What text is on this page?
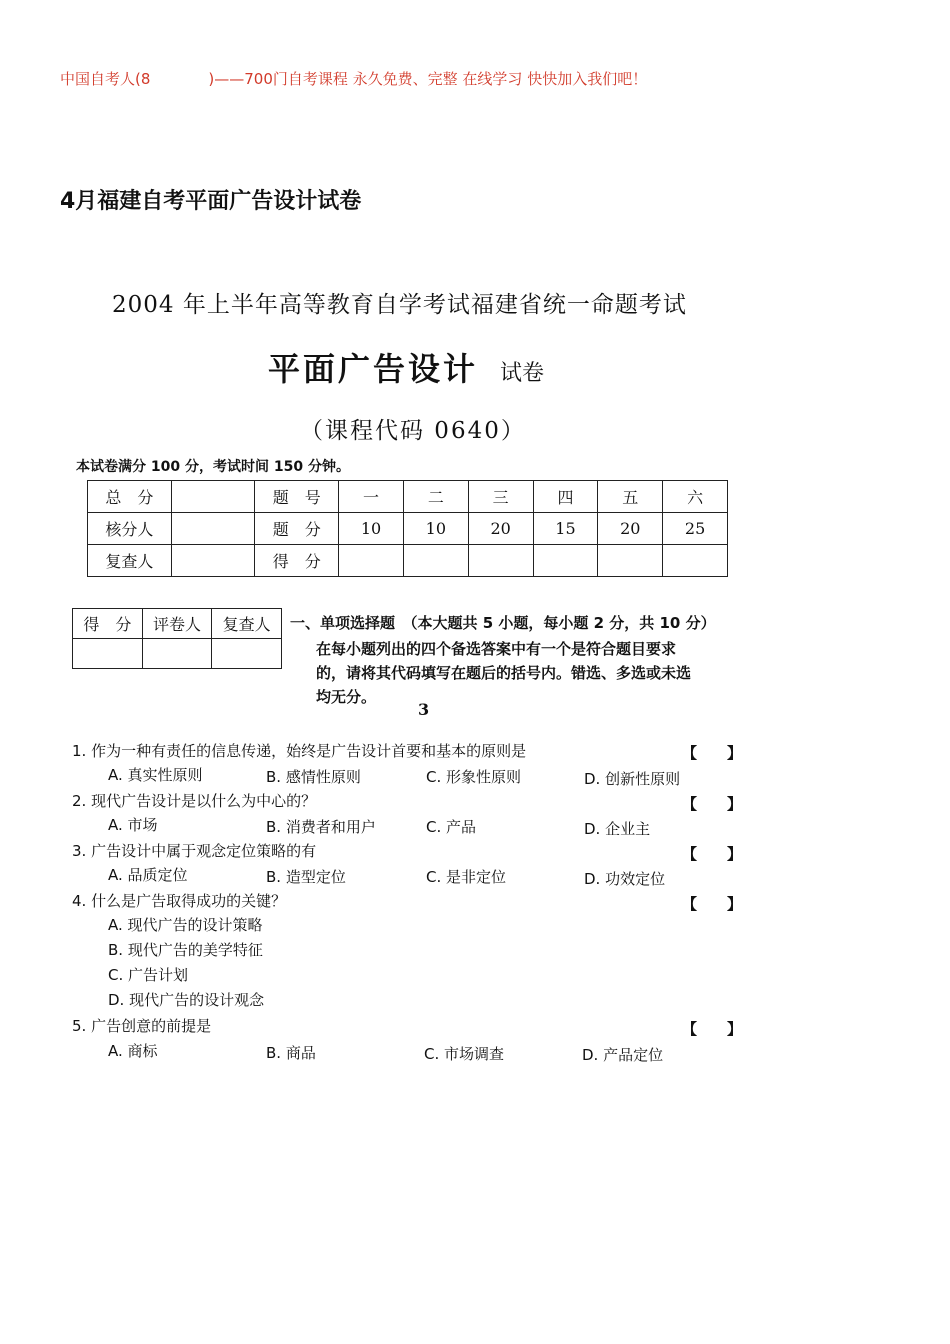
中国自考人(8	)——700门自考课程 永久免费、完整 在线学习 快快加入我们吧！
4月福建自考平面广告设计试卷
2004 年上半年高等教育自学考试福建省统一命题考试
平面广告设计 试卷
（课程代码 0640）
本试卷满分 100 分，考试时间 150 分钟。
总　分		题　号	一	二	三	四	五	六
核分人		题　分	10	10	20	15	20	25
复查人		得　分						
得　分	评卷人	复查人
		一、单项选择题　（本大题共 5 小题，每小题 2 分，共 10 分）
在每小题列出的四个备选答案中有一个是符合题目要求
的，请将其代码填写在题后的括号内。错选、多选或未选
均无分。
3
1. 作为一种有责任的信息传递，始终是广告设计首要和基本的原则是	【　　】
A. 真实性原则	B. 感情性原则	C. 形象性原则	D. 创新性原则
2. 现代广告设计是以什么为中心的？	【　　】
A. 市场	B. 消费者和用户	C. 产品	D. 企业主
3. 广告设计中属于观念定位策略的有	【　　】
A. 品质定位	B. 造型定位	C. 是非定位	D. 功效定位
4. 什么是广告取得成功的关键？	【　　】
A. 现代广告的设计策略
B. 现代广告的美学特征
C. 广告计划
D. 现代广告的设计观念
5. 广告创意的前提是	【　　】
A. 商标	B. 商品	C. 市场调查	D. 产品定位
